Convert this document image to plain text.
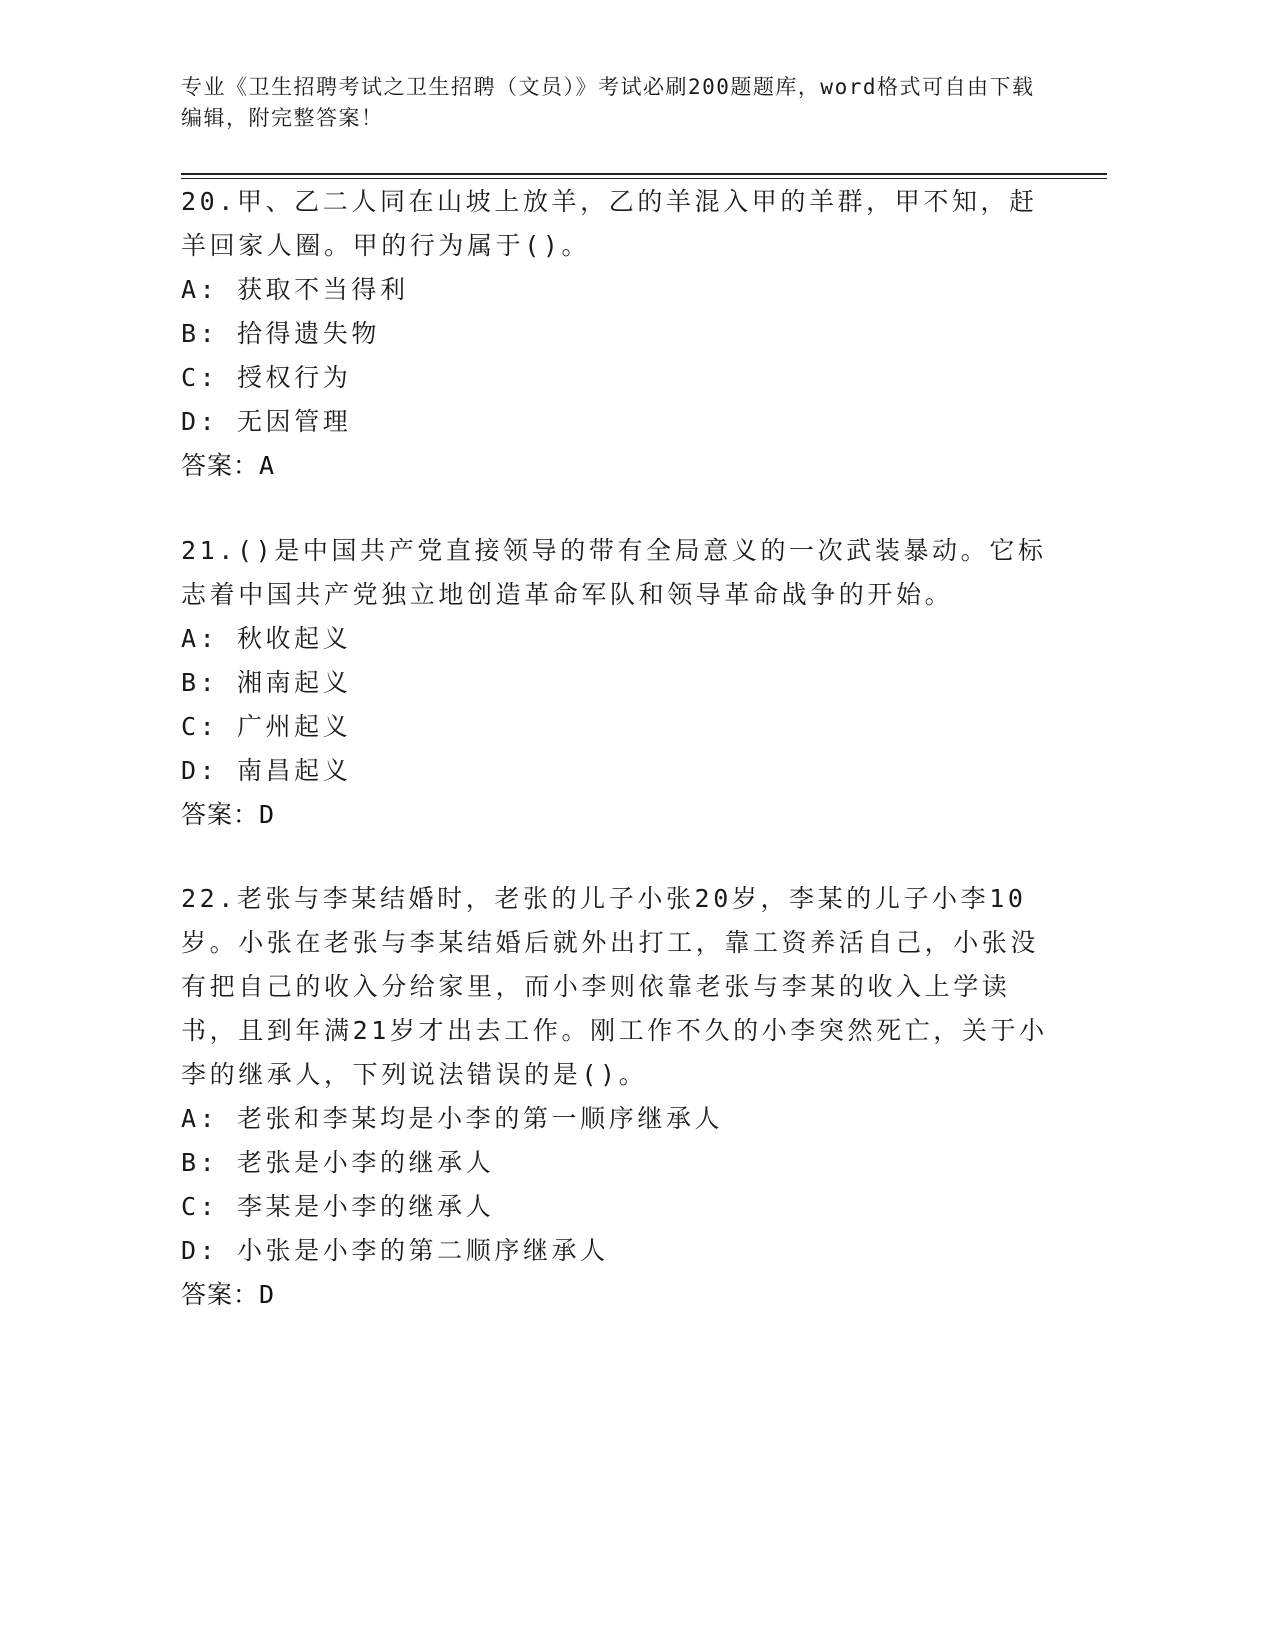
专业《卫生招聘考试之卫生招聘（文员）》考试必刷200题题库，word格式可自由下载编辑，附完整答案！

20.甲、乙二人同在山坡上放羊，乙的羊混入甲的羊群，甲不知，赶羊回家人圈。甲的行为属于()。

A: 获取不当得利

B: 拾得遗失物

C: 授权行为

D: 无因管理

答案：A

21.()是中国共产党直接领导的带有全局意义的一次武装暴动。它标志着中国共产党独立地创造革命军队和领导革命战争的开始。

A: 秋收起义

B: 湘南起义

C: 广州起义

D: 南昌起义

答案：D

22.老张与李某结婚时，老张的儿子小张20岁，李某的儿子小李10岁。小张在老张与李某结婚后就外出打工，靠工资养活自己，小张没有把自己的收入分给家里，而小李则依靠老张与李某的收入上学读书，且到年满21岁才出去工作。刚工作不久的小李突然死亡，关于小李的继承人，下列说法错误的是()。

A: 老张和李某均是小李的第一顺序继承人

B: 老张是小李的继承人

C: 李某是小李的继承人

D: 小张是小李的第二顺序继承人

答案：D
